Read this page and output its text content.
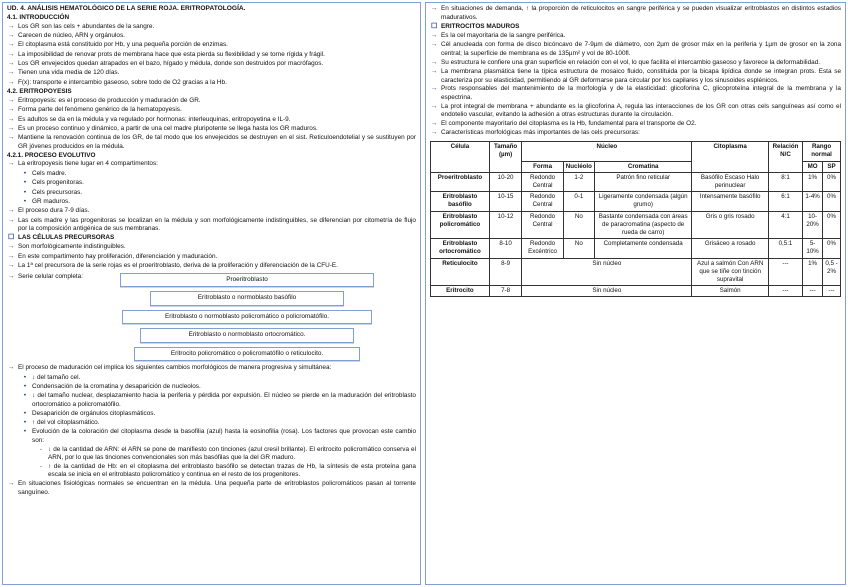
UD. 4. ANÁLISIS HEMATOLÓGICO DE LA SERIE ROJA. ERITROPATOLOGÍA.
4.1. INTRODUCCIÓN
→ Los GR son las cels + abundantes de la sangre.
→ Carecen de núcleo, ARN y orgánulos.
→ El citoplasma está constituido por Hb, y una pequeña porción de enzimas.
→ La imposibilidad de renovar prots de membrana hace que esta pierda su flexibilidad y se torne rígida y frágil.
→ Los GR envejecidos quedan atrapados en el bazo, hígado y médula, donde son destruidos por macrófagos.
→ Tienen una vida media de 120 días.
→ F(x): transporte e intercambio gaseoso, sobre todo de O2 gracias a la Hb.
4.2. ERITROPOYESIS
→ Eritropoyesis: es el proceso de producción y maduración de GR.
→ Forma parte del fenómeno genérico de la hematopoyesis.
→ Es adultos se da en la médula y va regulado por hormonas: interleuquinas, eritropoyetina e IL-9.
→ Es un proceso continuo y dinámico, a partir de una cel madre pluripotente se llega hasta los GR maduros.
→ Mantiene la renovación continua de los GR, de tal modo que los envejecidos se destruyen en el sist. Reticuloendotelial y se sustituyen por GR jóvenes producidos en la médula.
4.2.1. PROCESO EVOLUTIVO
→ La eritropoyesis tiene lugar en 4 compartimentos:
• Cels madre.
• Cels progenitoras.
• Cels precursoras.
• GR maduros.
→ El proceso dura 7-9 días.
→ Las cels madre y las progenitoras se localizan en la médula y son morfológicamente indistinguibles, se diferencian por citometría de flujo por la composición antigénica de sus membranas.
☐ LAS CÉLULAS PRECURSORAS
→ Son morfológicamente indistinguibles.
→ En este compartimento hay proliferación, diferenciación y maduración.
→ La 1ª cel precursora de la serie rojas es el proeritroblasto, deriva de la proliferación y diferenciación de la CFU-E.
→ Serie celular completa:	Proeritroblasto
Eritroblasto o normoblasto basófilo
Eritroblasto o normoblasto policromático o policromatófilo.
Eritroblasto o normoblasto ortocromático.
Eritrocito policromático o policromatófilo o reticulocito.
→ El proceso de maduración cel implica los siguientes cambios morfológicos de manera progresiva y simultánea:
• ↓ del tamaño cel.
• Condensación de la cromatina y desaparición de nucleolos.
• ↓ del tamaño nuclear, desplazamiento hacia la periferia y pérdida por expulsión. El núcleo se pierde en la maduración del eritroblasto ortocromático a policromatófilo.
• Desaparición de orgánulos citoplasmáticos.
• ↑ del vol citoplasmático.
• Evolución de la coloración del citoplasma desde la basofilia (azul) hasta la eosinofilia (rosa). Los factores que provocan este cambio son:
- ↓ de la cantidad de ARN: el ARN se pone de manifiesto con tinciones (azul cresil brillante). El eritrocito policromático conserva el ARN, por lo que las tinciones convencionales son más basófilas que la del GR maduro.
- ↑ de la cantidad de Hb: en el citoplasma del eritroblasto basófilo se detectan trazas de Hb, la síntesis de esta proteína gana escala se inicia en el eritroblasto policromático y continua en el resto de los progenitores.
→ En situaciones fisiológicas normales se encuentran en la médula. Una pequeña parte de eritroblastos policromáticos pasan al torrente sanguíneo.
→ En situaciones de demanda, ↑ la proporción de reticulocitos en sangre periférica y se pueden visualizar eritroblastos en distintos estadios madurativos.
☐ ERITROCITOS MADUROS
→ Es la cel mayoritaria de la sangre periférica.
→ Cél anucleada con forma de disco bicóncavo de 7-9µm de diámetro, con 2µm de grosor máx en la periferia y 1µm de grosor en la zona central; la superficie de membrana es de 135µm² y vol de 80-100fl.
→ Su estructura le confiere una gran superficie en relación con el vol, lo que facilita el intercambio gaseoso y favorece la deformabilidad.
→ La membrana plasmática tiene la típica estructura de mosaico fluido, constituida por la bicapa lipídica donde se integran prots. Esta se caracteriza por su elasticidad, permitiendo al GR deformarse para circular por los capilares y los sinusoides esplénicos.
→ Prots responsables del mantenimiento de la morfología y de la elasticidad: glicoforina C, glicoproteína integral de la membrana y la espectrina.
→ La prot integral de membrana + abundante es la glicoforina A, regula las interacciones de los GR con otras cels sanguíneas así como el endotelio vascular, evitando la adhesión a otras estructuras durante la circulación.
→ El componente mayoritario del citoplasma es la Hb, fundamental para el transporte de O2.
→ Características morfológicas más importantes de las cels precursoras:
Célula	Tamaño (µm)	Núcleo			Citoplasma	Relación N/C	Rango normal	
		Forma	Nucléolo	Cromatina			MO	SP
Proeritroblasto	10-20	Redondo Central	1-2	Patrón fino reticular	Basófilo Escaso Halo perinuclear	8:1	1%	0%
Eritroblasto basófilo	10-15	Redondo Central	0-1	Ligeramente condensada (algún grumo)	Intensamente basófilo	6:1	1-4%	0%
Eritroblasto policromático	10-12	Redondo Central	No	Bastante condensada con áreas de paracromatina (aspecto de rueda de carro)	Gris o gris rosado	4:1	10-20%	0%
Eritroblasto ortocromático	8-10	Redondo Excéntrico	No	Completamente condensada	Grisáceo a rosado	0,5:1	5-10%	0%
Reticulocito	8-9	Sin núcleo			Azul a salmón Con ARN que se tiñe con tinción supravital	---	1%	0,5 - 2%
Eritrocito	7-8	Sin núcleo			Salmón	---	---	---
